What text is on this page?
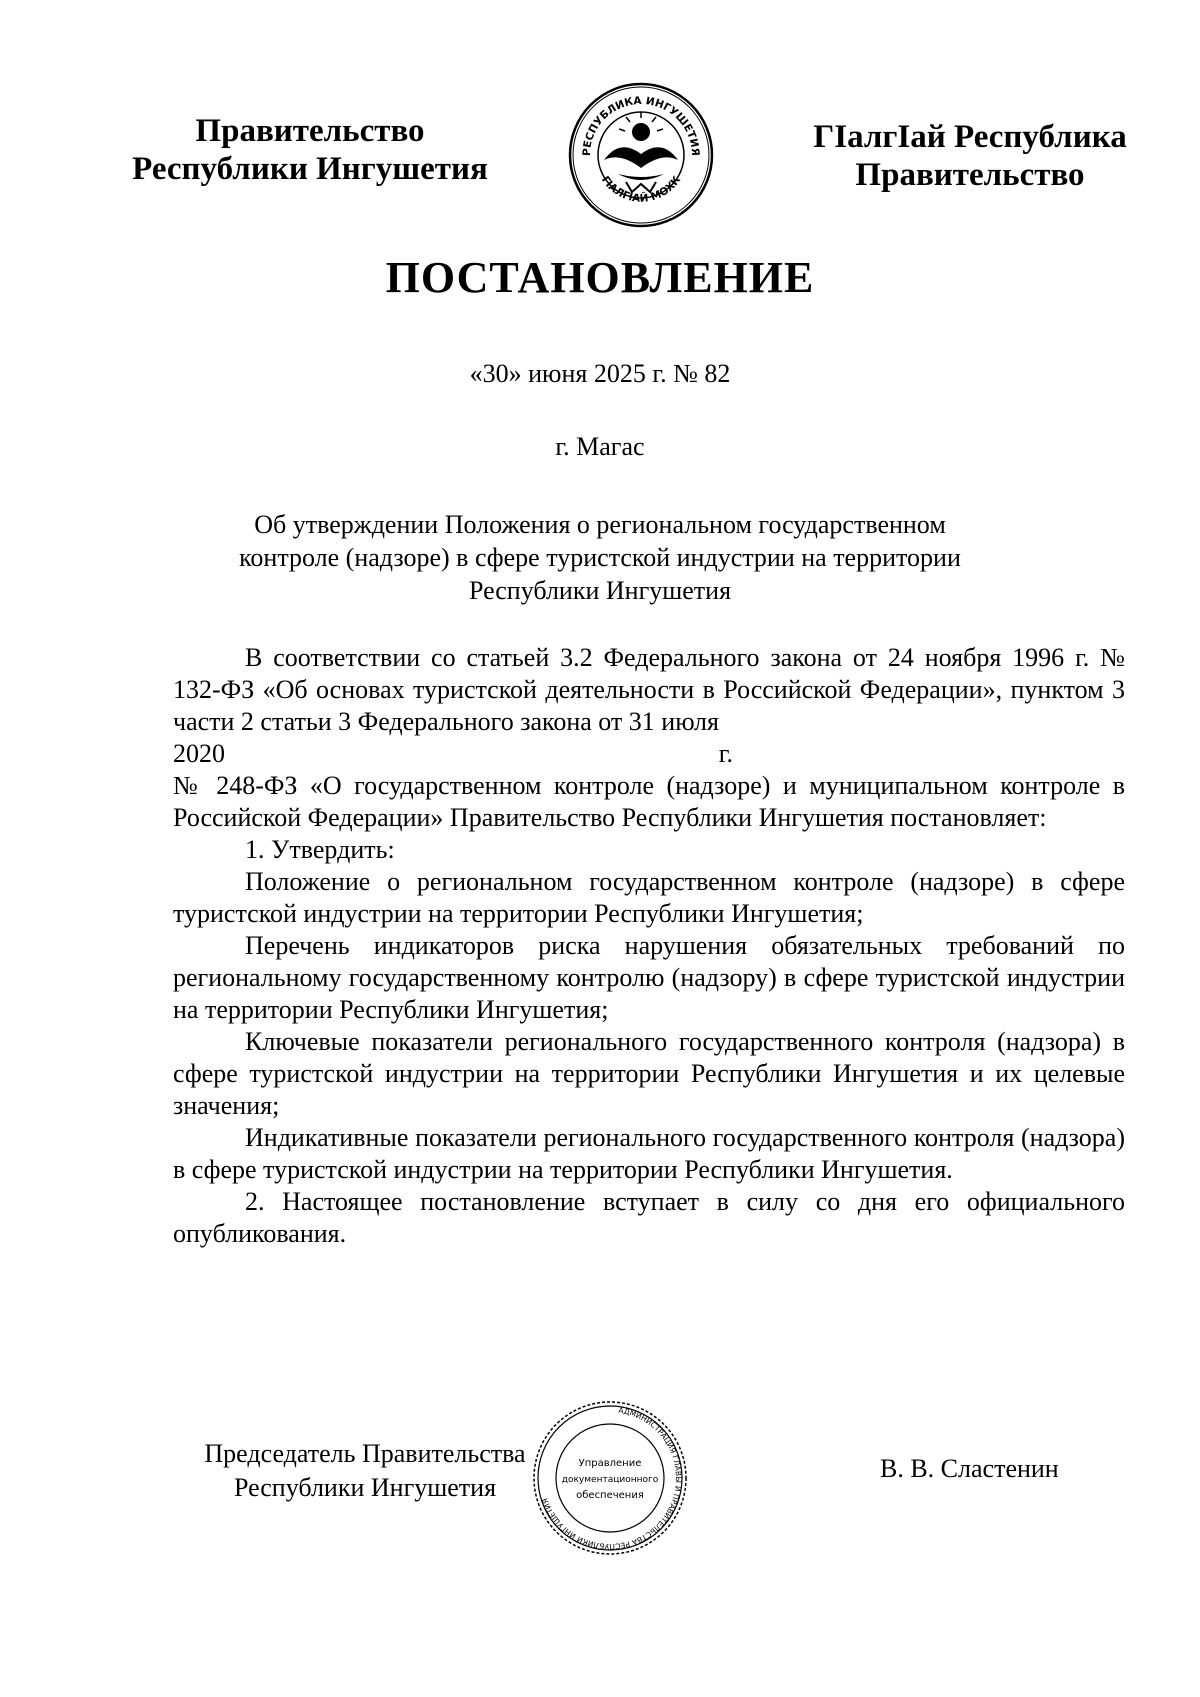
Правительство
Республики Ингушетия	РЕСПУБЛИКА ИНГУШЕТИЯ
ГIАЛГIАЙ МОХК
ГIалгIай Республика
Правительство
ПОСТАНОВЛЕНИЕ
«30» июня 2025 г. № 82
г. Магас
Об утверждении Положения о региональном государственном
контроле (надзоре) в сфере туристской индустрии на территории
Республики Ингушетия

В соответствии со статьей 3.2 Федерального закона от 24 ноября 1996 г. № 132-ФЗ «Об основах туристской деятельности в Российской Федерации», пунктом 3 части 2 статьи 3 Федерального закона от 31 июля

2020	г.

№ 248-ФЗ «О государственном контроле (надзоре) и муниципальном контроле в Российской Федерации» Правительство Республики Ингушетия постановляет:

1. Утвердить:

Положение о региональном государственном контроле (надзоре) в сфере туристской индустрии на территории Республики Ингушетия;

Перечень индикаторов риска нарушения обязательных требований по региональному государственному контролю (надзору) в сфере туристской индустрии на территории Республики Ингушетия;

Ключевые показатели регионального государственного контроля (надзора) в сфере туристской индустрии на территории Республики Ингушетия и их целевые значения;

Индикативные показатели регионального государственного контроля (надзора) в сфере туристской индустрии на территории Республики Ингушетия.

2. Настоящее постановление вступает в силу со дня его официального опубликования.

Председатель Правительства
Республики Ингушетия
АДМИНИСТРАЦИЯ ГЛАВЫ И ПРАВИТЕЛЬСТВА РЕСПУБЛИКИ ИНГУШЕТИЯ
Управление
документационного
обеспечения
В. В. Сластенин
